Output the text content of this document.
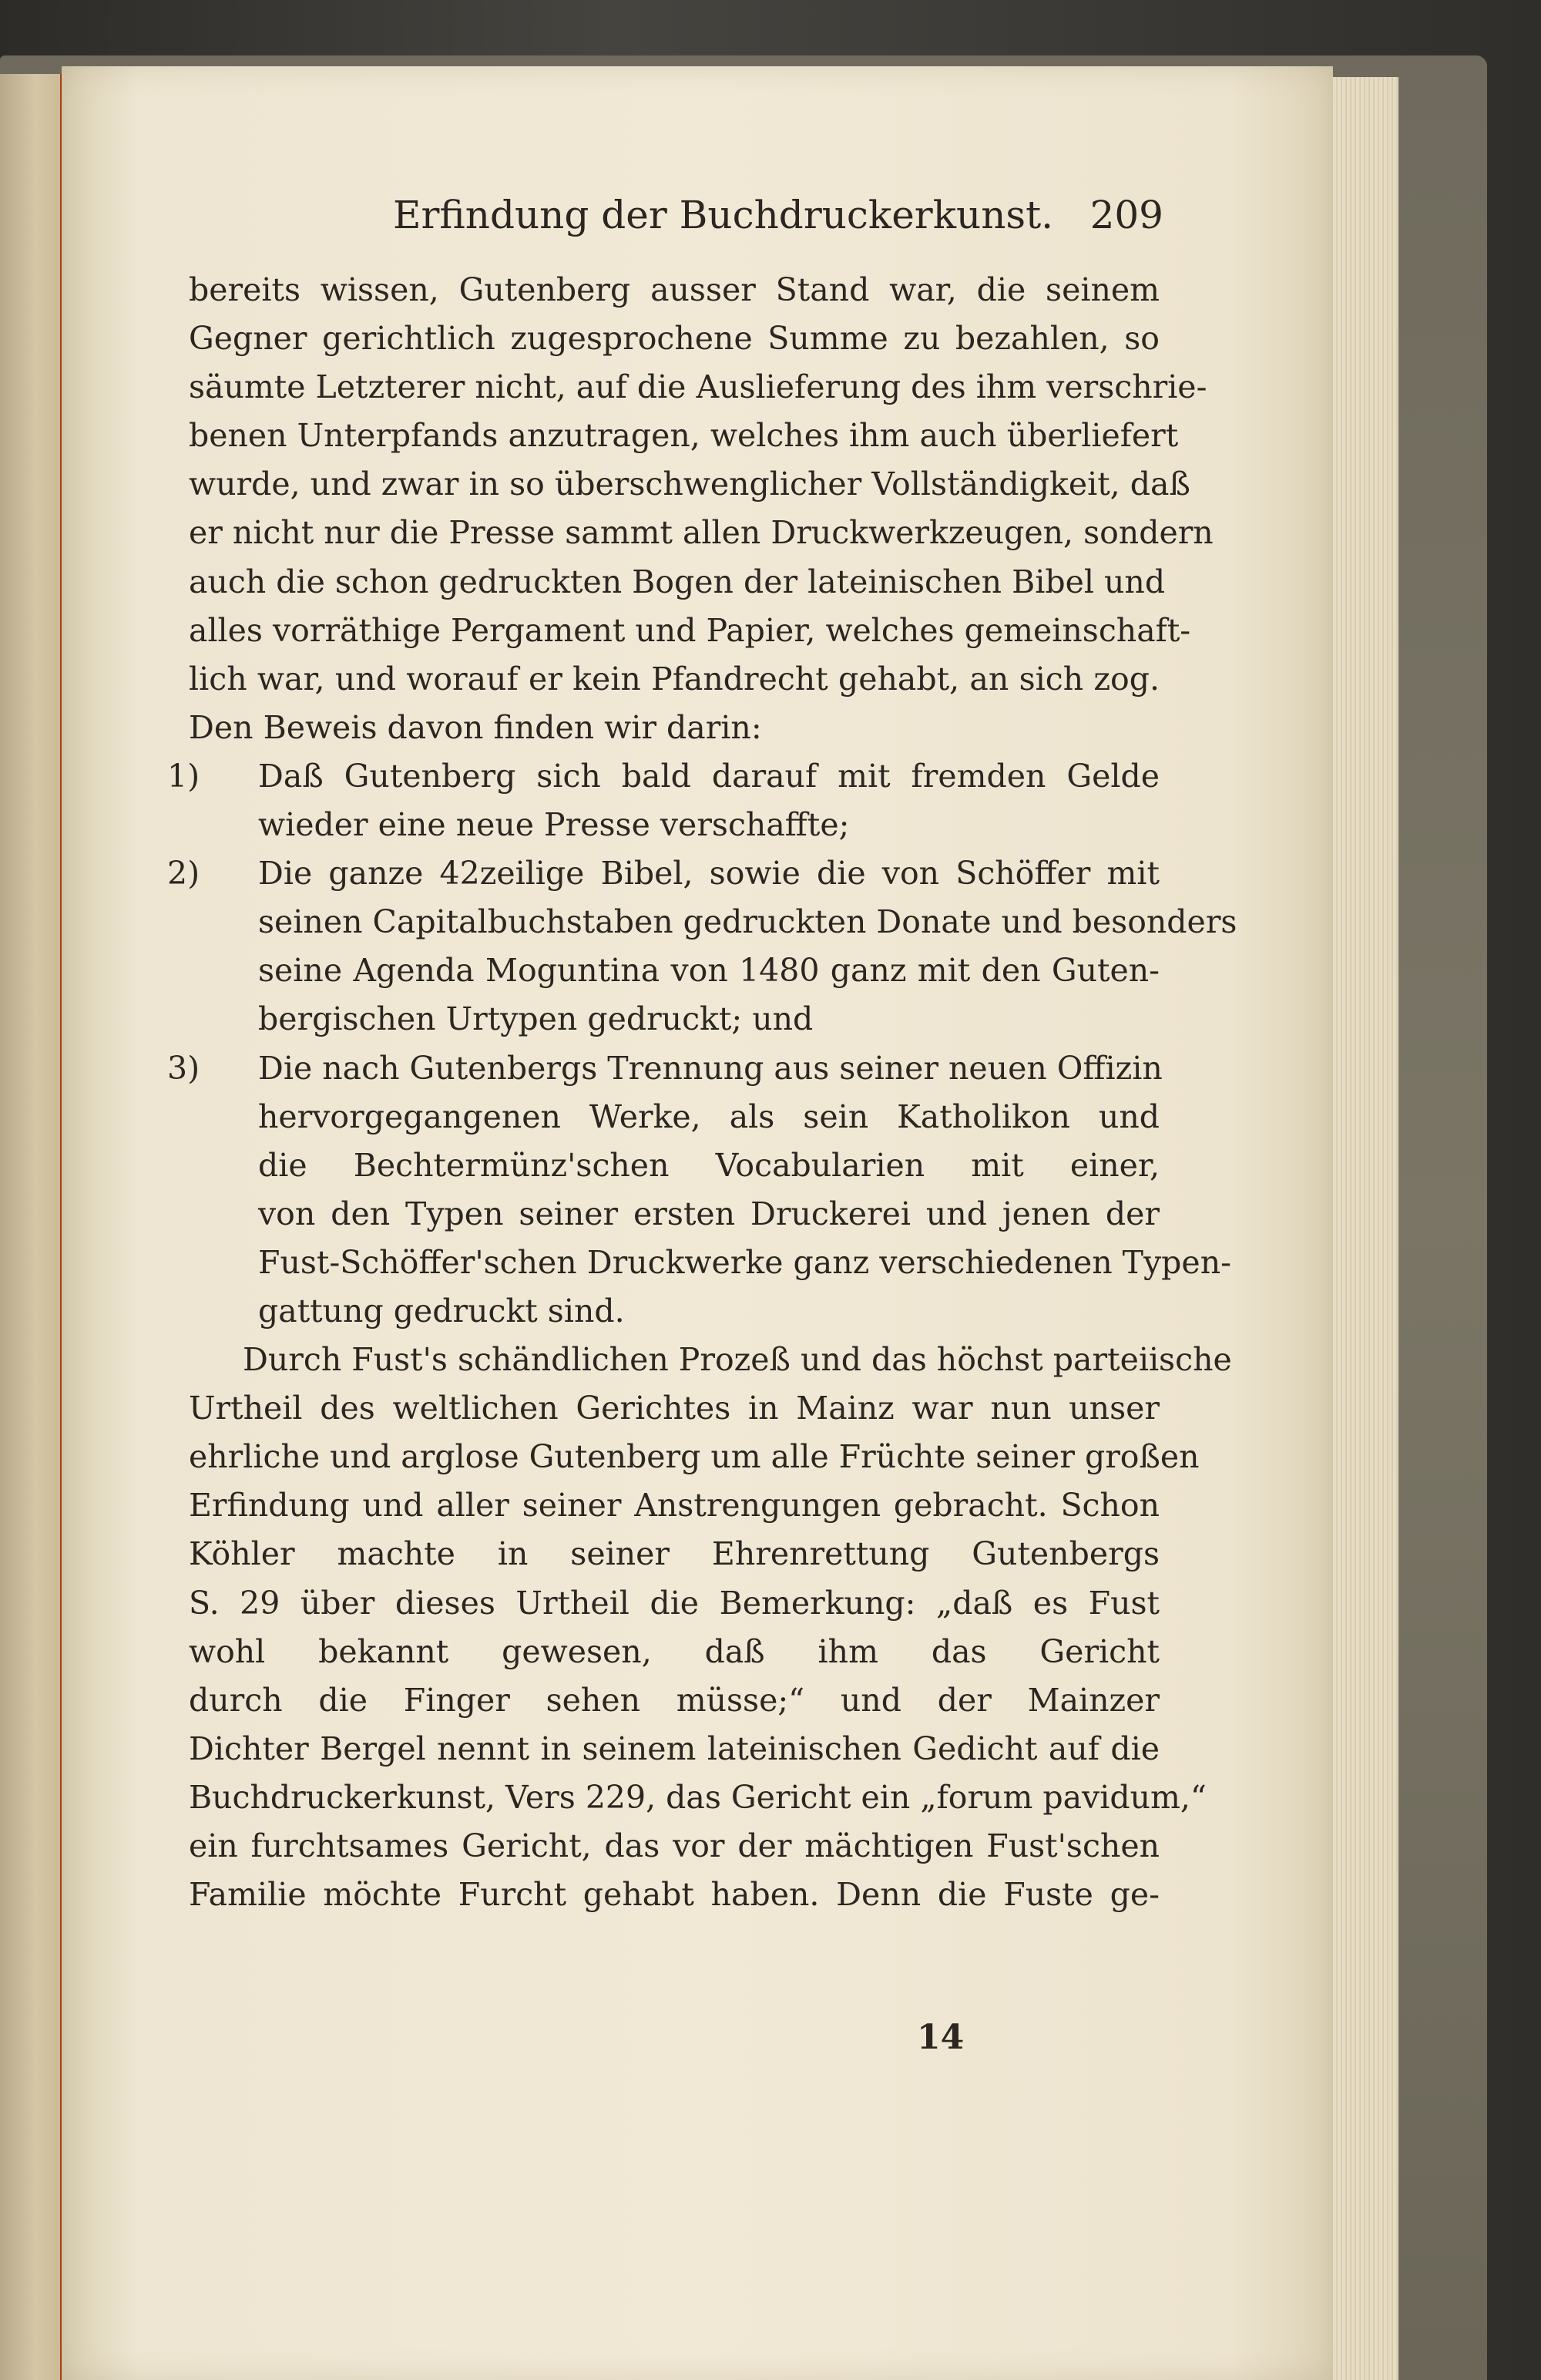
Erfindung der Buchdruckerkunst. 209
bereits wissen, Gutenberg ausser Stand war, die seinem
Gegner gerichtlich zugesprochene Summe zu bezahlen, so
säumte Letzterer nicht, auf die Auslieferung des ihm verschrie-
benen Unterpfands anzutragen, welches ihm auch überliefert
wurde, und zwar in so überschwenglicher Vollständigkeit, daß
er nicht nur die Presse sammt allen Druckwerkzeugen, sondern
auch die schon gedruckten Bogen der lateinischen Bibel und
alles vorräthige Pergament und Papier, welches gemeinschaft-
lich war, und worauf er kein Pfandrecht gehabt, an sich zog.
Den Beweis davon finden wir darin:
1)	Daß Gutenberg sich bald darauf mit fremden Gelde
wieder eine neue Presse verschaffte;
2)	Die ganze 42zeilige Bibel, sowie die von Schöffer mit
seinen Capitalbuchstaben gedruckten Donate und besonders
seine Agenda Moguntina von 1480 ganz mit den Guten-
bergischen Urtypen gedruckt; und
3)	Die nach Gutenbergs Trennung aus seiner neuen Offizin
hervorgegangenen Werke, als sein Katholikon und
die Bechtermünz'schen Vocabularien mit einer,
von den Typen seiner ersten Druckerei und jenen der
Fust-Schöffer'schen Druckwerke ganz verschiedenen Typen-
gattung gedruckt sind.
Durch Fust's schändlichen Prozeß und das höchst parteiische
Urtheil des weltlichen Gerichtes in Mainz war nun unser
ehrliche und arglose Gutenberg um alle Früchte seiner großen
Erfindung und aller seiner Anstrengungen gebracht. Schon
Köhler machte in seiner Ehrenrettung Gutenbergs
S. 29 über dieses Urtheil die Bemerkung: „daß es Fust
wohl bekannt gewesen, daß ihm das Gericht
durch die Finger sehen müsse;“ und der Mainzer
Dichter Bergel nennt in seinem lateinischen Gedicht auf die
Buchdruckerkunst, Vers 229, das Gericht ein „forum pavidum,“
ein furchtsames Gericht, das vor der mächtigen Fust'schen
Familie möchte Furcht gehabt haben. Denn die Fuste ge-
14
